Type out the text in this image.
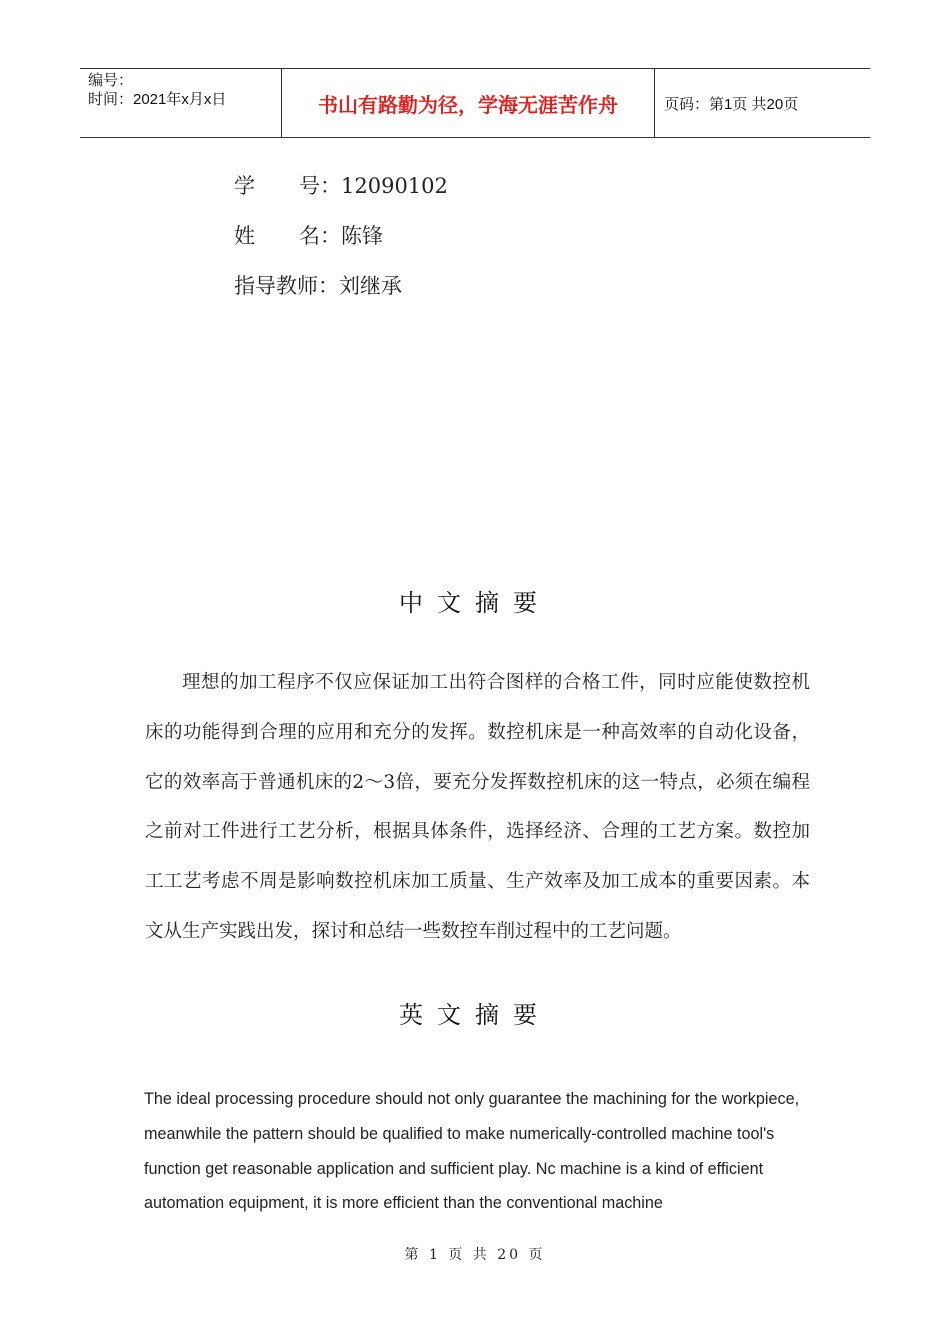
编号：
时间：2021年x月x日	书山有路勤为径，学海无涯苦作舟	页码：第1页 共20页
学 号：12090102
姓 名：陈锋
指导教师：刘继承
中文摘要
理想的加工程序不仅应保证加工出符合图样的合格工件，同时应能使数控机床的功能得到合理的应用和充分的发挥。数控机床是一种高效率的自动化设备，它的效率高于普通机床的2～3倍，要充分发挥数控机床的这一特点，必须在编程之前对工件进行工艺分析，根据具体条件，选择经济、合理的工艺方案。数控加工工艺考虑不周是影响数控机床加工质量、生产效率及加工成本的重要因素。本文从生产实践出发，探讨和总结一些数控车削过程中的工艺问题。
英文摘要
The ideal processing procedure should not only guarantee the machining for the workpiece, meanwhile the pattern should be qualified to make numerically-controlled machine tool's function get reasonable application and sufficient play. Nc machine is a kind of efficient automation equipment, it is more efficient than the conventional machine
第 1 页 共 20 页
